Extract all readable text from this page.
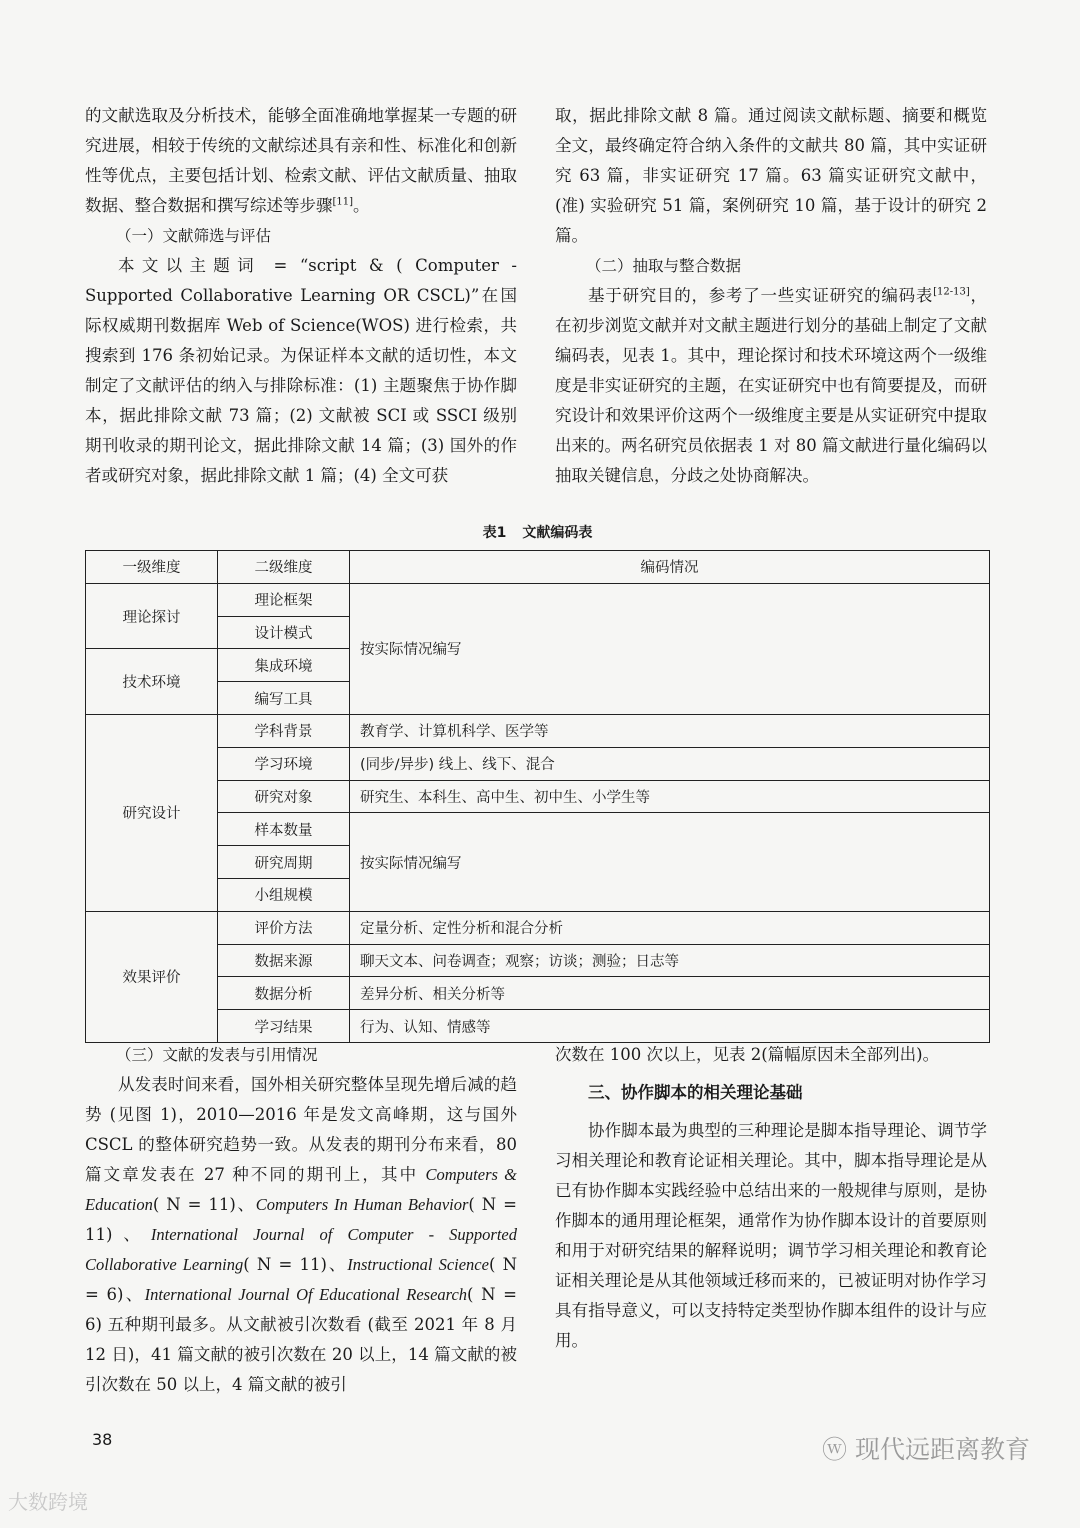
的文献选取及分析技术，能够全面准确地掌握某一专题的研究进展，相较于传统的文献综述具有亲和性、标准化和创新性等优点，主要包括计划、检索文献、评估文献质量、抽取数据、整合数据和撰写综述等步骤[11]。

（一）文献筛选与评估

本文以主题词 = “script & ( Computer - Supported Collaborative Learning OR CSCL)”在国际权威期刊数据库 Web of Science(WOS) 进行检索，共搜索到 176 条初始记录。为保证样本文献的适切性，本文制定了文献评估的纳入与排除标准：(1) 主题聚焦于协作脚本，据此排除文献 73 篇；(2) 文献被 SCI 或 SSCI 级别期刊收录的期刊论文，据此排除文献 14 篇；(3) 国外的作者或研究对象，据此排除文献 1 篇；(4) 全文可获

取，据此排除文献 8 篇。通过阅读文献标题、摘要和概览全文，最终确定符合纳入条件的文献共 80 篇，其中实证研究 63 篇，非实证研究 17 篇。63 篇实证研究文献中，(准) 实验研究 51 篇，案例研究 10 篇，基于设计的研究 2 篇。

（二）抽取与整合数据

基于研究目的，参考了一些实证研究的编码表[12-13]，在初步浏览文献并对文献主题进行划分的基础上制定了文献编码表，见表 1。其中，理论探讨和技术环境这两个一级维度是非实证研究的主题，在实证研究中也有简要提及，而研究设计和效果评价这两个一级维度主要是从实证研究中提取出来的。两名研究员依据表 1 对 80 篇文献进行量化编码以抽取关键信息，分歧之处协商解决。

表1 文献编码表
一级维度	二级维度	编码情况
理论探讨	理论框架	按实际情况编写
	设计模式	
技术环境	集成环境	
	编写工具	
研究设计	学科背景	教育学、计算机科学、医学等
	学习环境	(同步/异步) 线上、线下、混合
	研究对象	研究生、本科生、高中生、初中生、小学生等
	样本数量	按实际情况编写
	研究周期	
	小组规模	
效果评价	评价方法	定量分析、定性分析和混合分析
	数据来源	聊天文本、问卷调查；观察；访谈；测验；日志等
	数据分析	差异分析、相关分析等
	学习结果	行为、认知、情感等

（三）文献的发表与引用情况

从发表时间来看，国外相关研究整体呈现先增后减的趋势 (见图 1)，2010—2016 年是发文高峰期，这与国外 CSCL 的整体研究趋势一致。从发表的期刊分布来看，80 篇文章发表在 27 种不同的期刊上，其中 Computers & Education( N = 11)、Computers In Human Behavior( N = 11)、International Journal of Computer - Supported Collaborative Learning( N = 11)、Instructional Science( N = 6)、International Journal Of Educational Research( N = 6) 五种期刊最多。从文献被引次数看 (截至 2021 年 8 月 12 日)，41 篇文献的被引次数在 20 以上，14 篇文献的被引次数在 50 以上，4 篇文献的被引

次数在 100 次以上，见表 2(篇幅原因未全部列出)。

三、协作脚本的相关理论基础

协作脚本最为典型的三种理论是脚本指导理论、调节学习相关理论和教育论证相关理论。其中，脚本指导理论是从已有协作脚本实践经验中总结出来的一般规律与原则，是协作脚本的通用理论框架，通常作为协作脚本设计的首要原则和用于对研究结果的解释说明；调节学习相关理论和教育论证相关理论是从其他领域迁移而来的，已被证明对协作学习具有指导意义，可以支持特定类型协作脚本组件的设计与应用。

38	ⓦ 现代远距离教育
大数跨境
